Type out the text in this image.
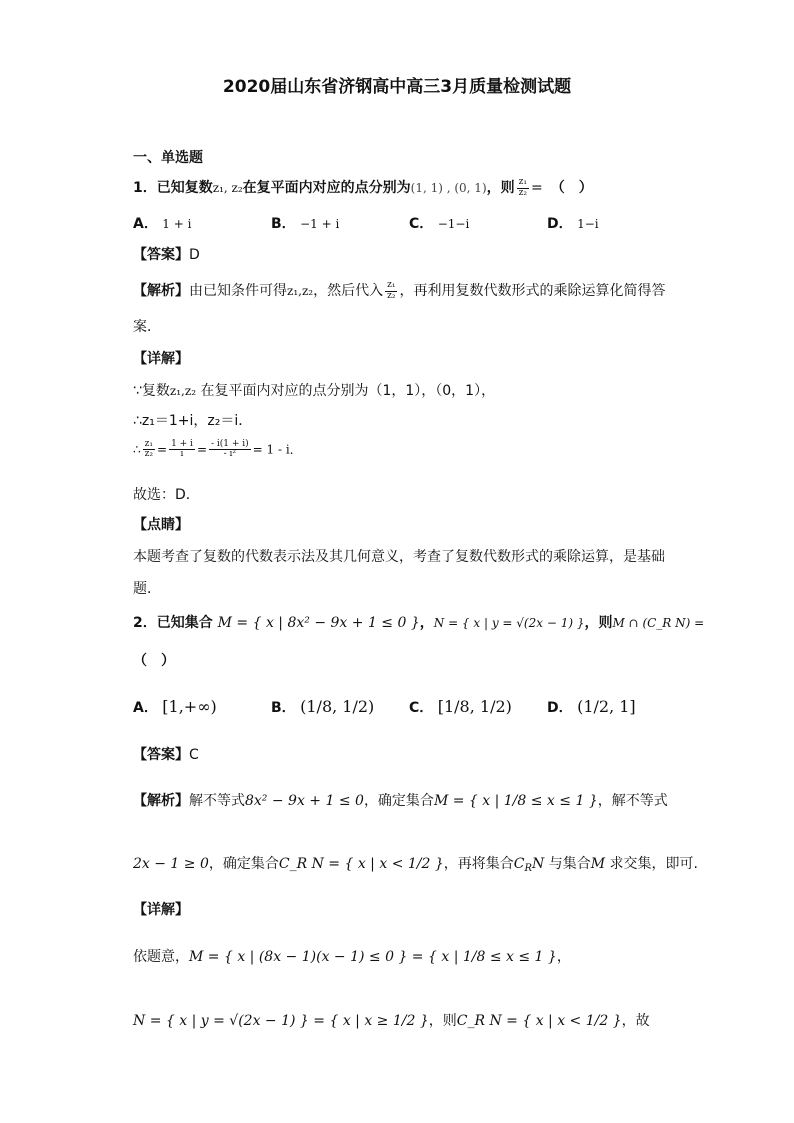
2020届山东省济钢高中高三3月质量检测试题
一、单选题
1．已知复数z₁, z₂在复平面内对应的点分别为(1, 1) , (0, 1)，则 $\frac{\text{z₁}}{\text{z₂}}$ = （　）
A． 1 + i	B． −1 + i	C． −1−i	D． 1−i
【答案】D
【解析】由已知条件可得z₁,z₂，然后代入 $\frac{\text{z₁}}{\text{z₂}}$ ，再利用复数代数形式的乘除运算化简得答
案．
【详解】
∵复数z₁,z₂ 在复平面内对应的点分别为（1，1），（0，1），
∴z₁＝1+i，z₂＝i．
∴ $\frac{\text{z₁}}{\text{z₂}} = \frac{1 + i}{i} = \frac{- i(1 + i)}{\text{- i²}} = 1 - i$．
故选：D．
【点睛】
本题考查了复数的代数表示法及其几何意义，考查了复数代数形式的乘除运算，是基础
题．
2．已知集合 M = { x | 8x² − 9x + 1 ≤ 0 }，N = { x | y = √(2x − 1) }，则M ∩ (C_R N) =
（　）
A． [1,+∞)	B． (1/8, 1/2) C． [1/8, 1/2)	D． (1/2, 1]
【答案】C
【解析】解不等式8x² − 9x + 1 ≤ 0，确定集合M = { x | 1/8 ≤ x ≤ 1 }，解不等式
2x − 1 ≥ 0，确定集合C_R N = { x | x < 1/2 }，再将集合$C_RN$ 与集合M 求交集，即可.
【详解】
依题意，M = { x | (8x − 1)(x − 1) ≤ 0 } = { x | 1/8 ≤ x ≤ 1 }，
N = { x | y = √(2x − 1) } = { x | x ≥ 1/2 }，则C_R N = { x | x < 1/2 }，故
